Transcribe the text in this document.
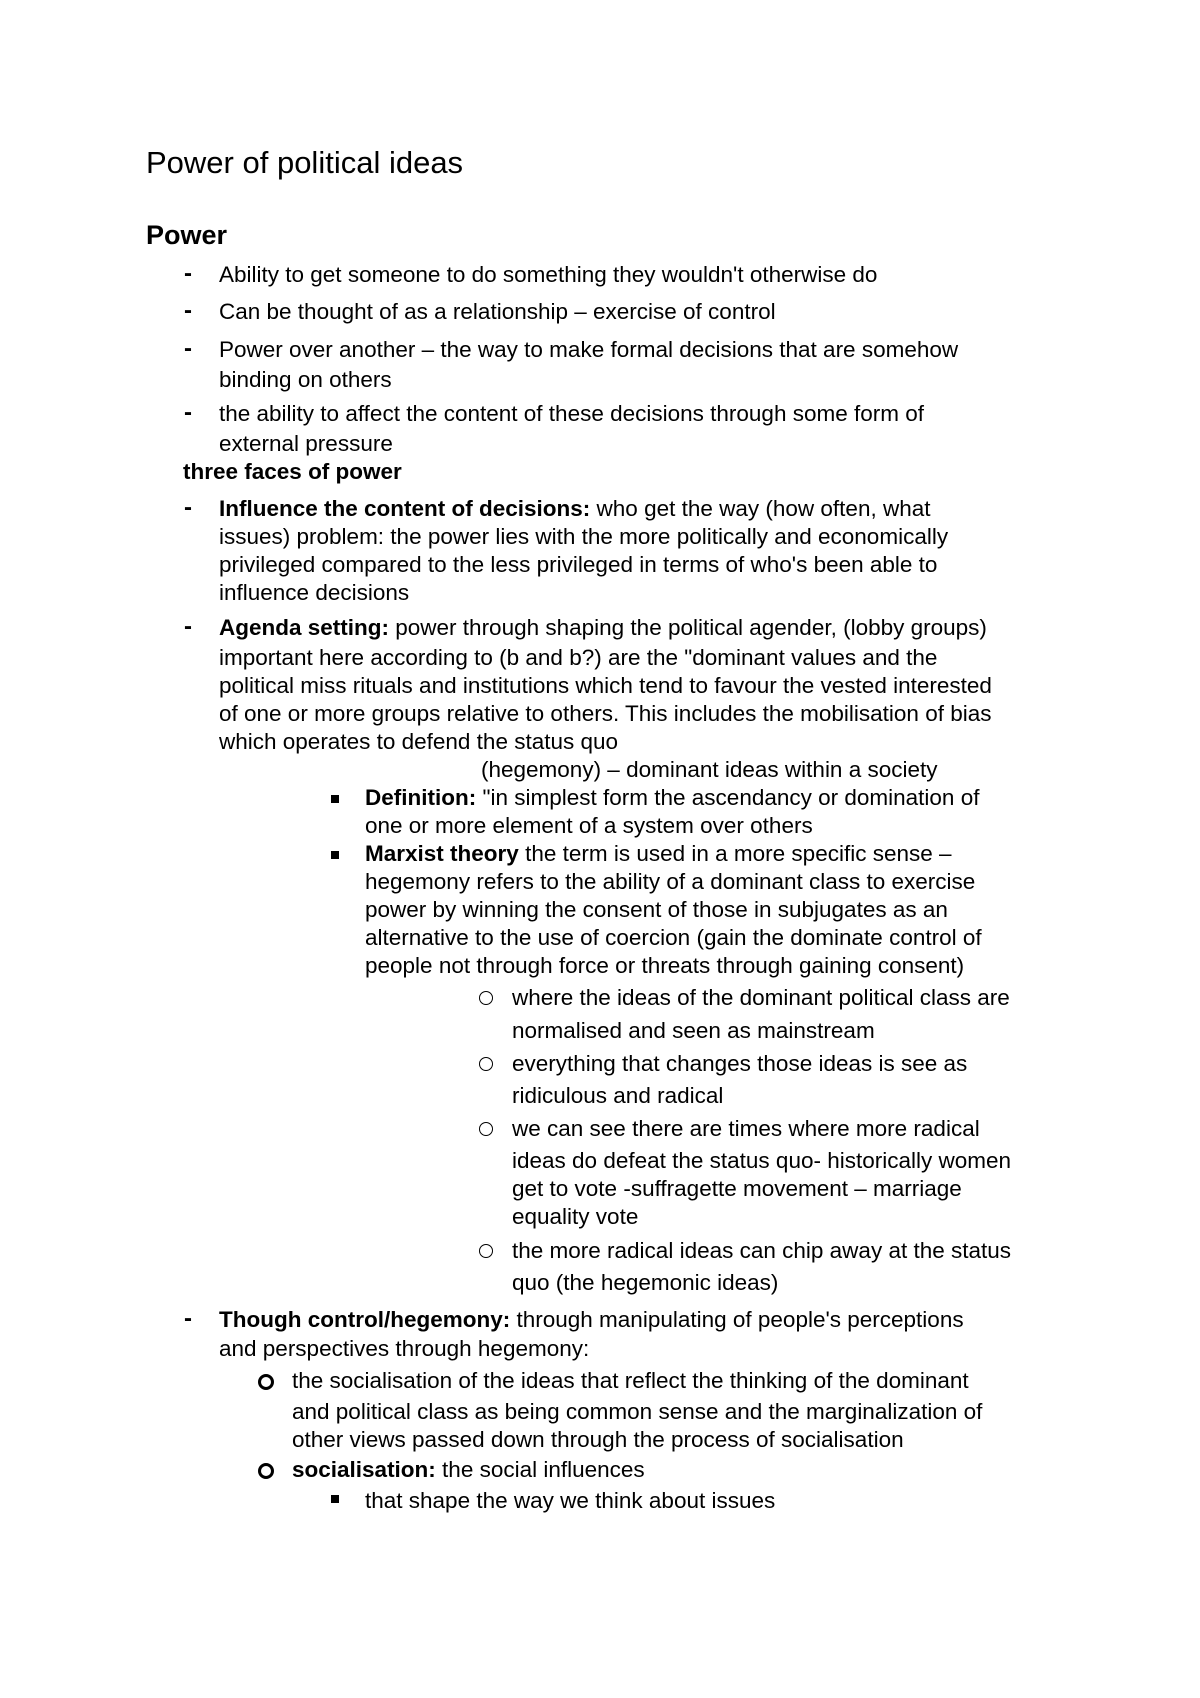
Power of political ideas
Power
- Ability to get someone to do something they wouldn't otherwise do

- Can be thought of as a relationship – exercise of control

- Power over another – the way to make formal decisions that are somehow

binding on others

- the ability to affect the content of these decisions through some form of

external pressure

three faces of power

- Influence the content of decisions: who get the way (how often, what

issues) problem: the power lies with the more politically and economically

privileged compared to the less privileged in terms of who's been able to

influence decisions

- Agenda setting: power through shaping the political agender, (lobby groups)

important here according to (b and b?) are the "dominant values and the

political miss rituals and institutions which tend to favour the vested interested

of one or more groups relative to others. This includes the mobilisation of bias

which operates to defend the status quo

(hegemony) – dominant ideas within a society

Definition: "in simplest form the ascendancy or domination of

one or more element of a system over others

Marxist theory the term is used in a more specific sense –

hegemony refers to the ability of a dominant class to exercise

power by winning the consent of those in subjugates as an

alternative to the use of coercion (gain the dominate control of

people not through force or threats through gaining consent)

where the ideas of the dominant political class are

normalised and seen as mainstream

everything that changes those ideas is see as

ridiculous and radical

we can see there are times where more radical

ideas do defeat the status quo- historically women

get to vote -suffragette movement – marriage

equality vote

the more radical ideas can chip away at the status

quo (the hegemonic ideas)

- Though control/hegemony: through manipulating of people's perceptions

and perspectives through hegemony:

the socialisation of the ideas that reflect the thinking of the dominant

and political class as being common sense and the marginalization of

other views passed down through the process of socialisation

socialisation: the social influences

that shape the way we think about issues
